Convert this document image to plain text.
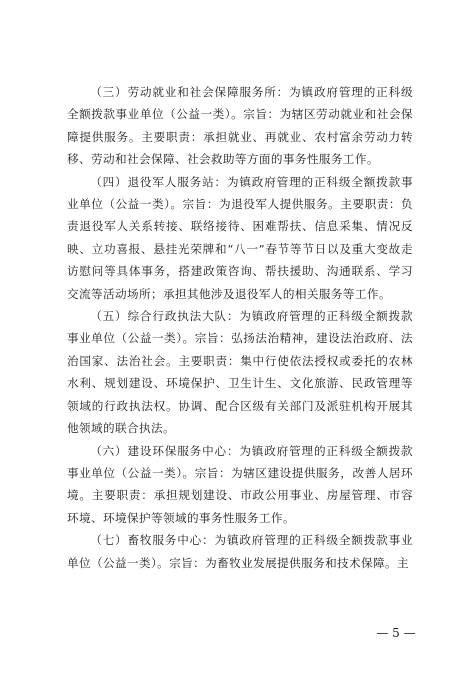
（三）劳动就业和社会保障服务所：为镇政府管理的正科级全额拨款事业单位（公益一类）。宗旨：为辖区劳动就业和社会保障提供服务。主要职责：承担就业、再就业、农村富余劳动力转移、劳动和社会保障、社会救助等方面的事务性服务工作。

（四）退役军人服务站：为镇政府管理的正科级全额拨款事业单位（公益一类）。宗旨：为退役军人提供服务。主要职责：负责退役军人关系转接、联络接待、困难帮扶、信息采集、情况反映、立功喜报、悬挂光荣牌和“八一”春节等节日以及重大变故走访慰问等具体事务，搭建政策咨询、帮扶援助、沟通联系、学习交流等活动场所；承担其他涉及退役军人的相关服务等工作。

（五）综合行政执法大队：为镇政府管理的正科级全额拨款事业单位（公益一类）。宗旨：弘扬法治精神，建设法治政府、法治国家、法治社会。主要职责：集中行使依法授权或委托的农林水利、规划建设、环境保护、卫生计生、文化旅游、民政管理等领域的行政执法权。协调、配合区级有关部门及派驻机构开展其他领域的联合执法。

（六）建设环保服务中心：为镇政府管理的正科级全额拨款事业单位（公益一类）。宗旨：为辖区建设提供服务，改善人居环境。主要职责：承担规划建设、市政公用事业、房屋管理、市容环境、环境保护等领域的事务性服务工作。

（七）畜牧服务中心：为镇政府管理的正科级全额拨款事业单位（公益一类）。宗旨：为畜牧业发展提供服务和技术保障。主

— 5 —
